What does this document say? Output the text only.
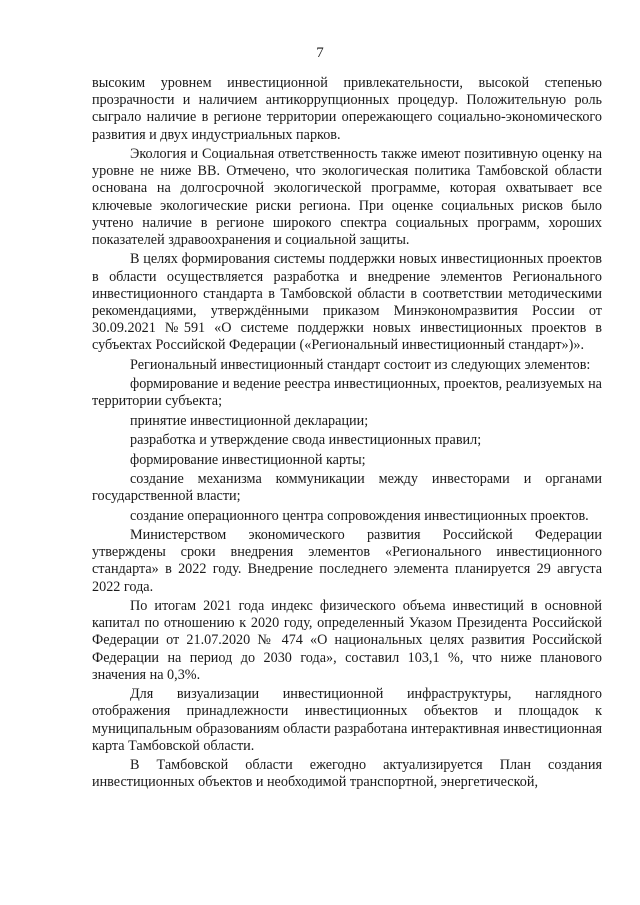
7

высоким уровнем инвестиционной привлекательности, высокой степенью прозрачности и наличием антикоррупционных процедур. Положительную роль сыграло наличие в регионе территории опережающего социально-экономического развития и двух индустриальных парков.

Экология и Социальная ответственность также имеют позитивную оценку на уровне не ниже ВВ. Отмечено, что экологическая политика Тамбовской области основана на долгосрочной экологической программе, которая охватывает все ключевые экологические риски региона. При оценке социальных рисков было учтено наличие в регионе широкого спектра социальных программ, хороших показателей здравоохранения и социальной защиты.

В целях формирования системы поддержки новых инвестиционных проектов в области осуществляется разработка и внедрение элементов Регионального инвестиционного стандарта в Тамбовской области в соответствии методическими рекомендациями, утверждёнными приказом Минэкономразвития России от 30.09.2021 №591 «О системе поддержки новых инвестиционных проектов в субъектах Российской Федерации («Региональный инвестиционный стандарт»)».

Региональный инвестиционный стандарт состоит из следующих элементов:

формирование и ведение реестра инвестиционных, проектов, реализуемых на территории субъекта;

принятие инвестиционной декларации;

разработка и утверждение свода инвестиционных правил;

формирование инвестиционной карты;

создание механизма коммуникации между инвесторами и органами государственной власти;

создание операционного центра сопровождения инвестиционных проектов.

Министерством экономического развития Российской Федерации утверждены сроки внедрения элементов «Регионального инвестиционного стандарта» в 2022 году. Внедрение последнего элемента планируется 29 августа 2022 года.

По итогам 2021 года индекс физического объема инвестиций в основной капитал по отношению к 2020 году, определенный Указом Президента Российской Федерации от 21.07.2020 № 474 «О национальных целях развития Российской Федерации на период до 2030 года», составил 103,1 %, что ниже планового значения на 0,3%.

Для визуализации инвестиционной инфраструктуры, наглядного отображения принадлежности инвестиционных объектов и площадок к муниципальным образованиям области разработана интерактивная инвестиционная карта Тамбовской области.

В Тамбовской области ежегодно актуализируется План создания инвестиционных объектов и необходимой транспортной, энергетической,
